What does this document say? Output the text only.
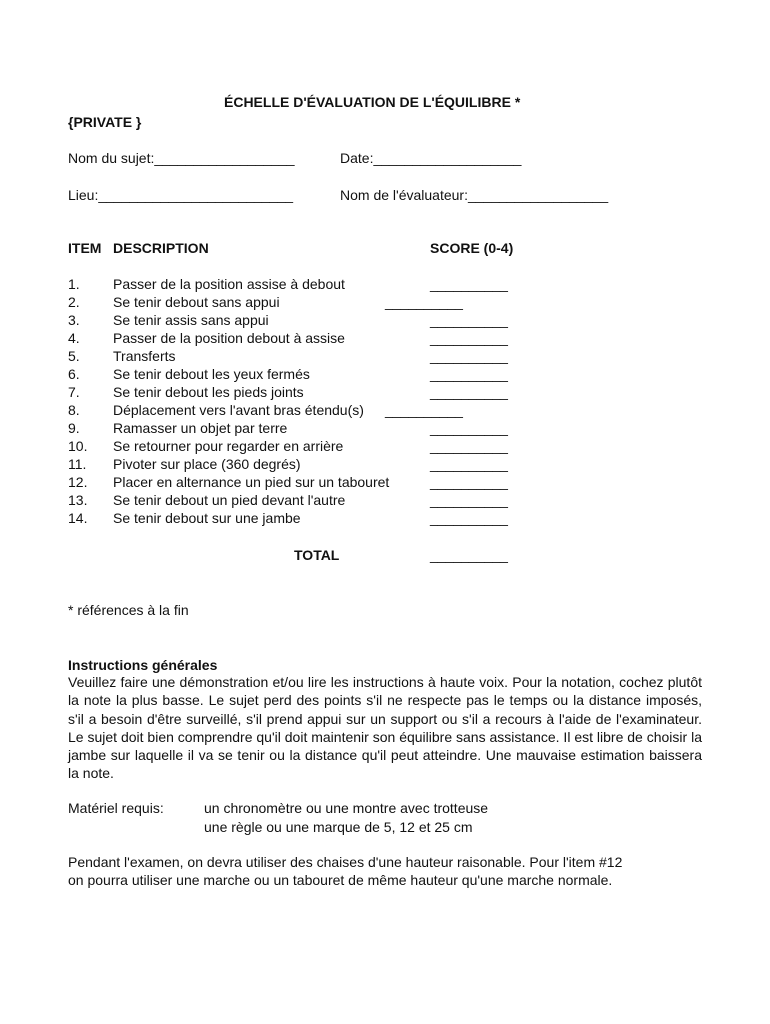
ÉCHELLE D'ÉVALUATION DE L'ÉQUILIBRE *
{PRIVATE }
Nom du sujet:__________________	Date:___________________
Lieu:_________________________	Nom de l'évaluateur:__________________
ITEM DESCRIPTION	SCORE (0-4)
1. Passer de la position assise à debout	__________
2. Se tenir debout sans appui	__________
3. Se tenir assis sans appui	__________
4. Passer de la position debout à assise	__________
5. Transferts	__________
6. Se tenir debout les yeux fermés	__________
7. Se tenir debout les pieds joints	__________
8. Déplacement vers l'avant bras étendu(s) __________
9. Ramasser un objet par terre	__________
10. Se retourner pour regarder en arrière	__________
11. Pivoter sur place (360 degrés)	__________
12. Placer en alternance un pied sur un tabouret	__________
13. Se tenir debout un pied devant l'autre	__________
14. Se tenir debout sur une jambe	__________
TOTAL	__________
* références à la fin
Instructions générales
Veuillez faire une démonstration et/ou lire les instructions à haute voix. Pour la notation, cochez plutôt la note la plus basse. Le sujet perd des points s'il ne respecte pas le temps ou la distance imposés, s'il a besoin d'être surveillé, s'il prend appui sur un support ou s'il a recours à l'aide de l'examinateur. Le sujet doit bien comprendre qu'il doit maintenir son équilibre sans assistance. Il est libre de choisir la jambe sur laquelle il va se tenir ou la distance qu'il peut atteindre. Une mauvaise estimation baissera la note.
Matériel requis:	un chronomètre ou une montre avec trotteuse
une règle ou une marque de 5, 12 et 25 cm
Pendant l'examen, on devra utiliser des chaises d'une hauteur raisonable. Pour l'item #12
on pourra utiliser une marche ou un tabouret de même hauteur qu'une marche normale.
